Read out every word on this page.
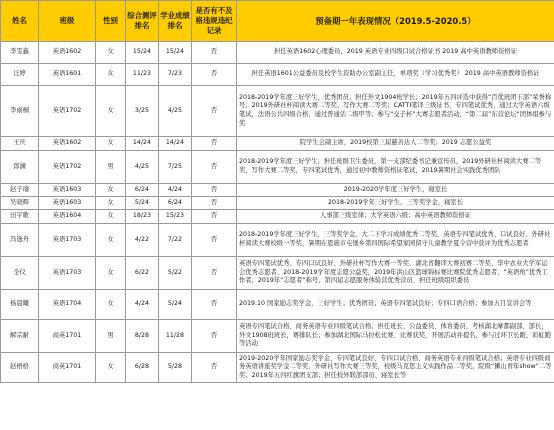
姓名	班级	性别	综合测评排名	学业成绩排名	是否有不及格违规违纪记录	预备期一年表现情况（2019.5-2020.5）
李雯鑫	英语1602	女	15/24	15/24	否	担任英语1602心理委员，2019 英语专业四级口试合格证书 2019 高中英语教师资格证
汪婷	英语1601	女	11/23	7/23	否	担任英语1601公益委员及校学生资助办公室副主任，单项奖（学习优秀奖） 2019 高中英语教师资格证
李雨桐	英语1702	女	3/25	4/25	否	2018-2019学年度三好学生，优秀团员；担任外文1904班学长；2019年五四评选中获得“百优班团干部”荣誉称号；2019外研社杯阅读大赛二等奖、写作大赛二等奖；CATTI笔译三级证书，专四笔试优秀，通过大学英语六级笔试，法语公共四级合格，通过普通话二级甲等；参与“交子杯”大赛志愿者活动，“第二届”东营论坛“团体组参与奖
王庆	英语1602	女	14/24	14/24	否	院学生会副主席，2019校第三届慈善达人二等奖；2019 志愿公益奖
郎澜	英语1702	男	4/25	7/25	否	2018-2019学年度三好学生；担任班级卫生委员，第一支部纪委书记兼宣传员，2019外研社杯阅读大赛二等奖，写作大赛二等奖，专四笔试优秀，通过初中教师资格证笔试，2019暑期社会实践优秀团队
赵子瑜	英语1603	女	6/24	4/24	否	2019-2020学年度三好学生，寝室长
吴晓辉	英语1603	女	5/24	6/24	否	2018-2019学年三好学生，三等奖学金，寝室长
田宇歌	英语1604	女	18/23	15/23	否	人事部三级室律；大学英语六级；高中英语教师资格证
冯逸舟	英语1703	女	4/22	7/22	否	2018-2019学年度三好学生，三等奖学金，大二下学习成绩优秀二等奖，英语专四笔试优秀、口试良好，外研社杯阅读大赛校级一等奖，暑期在恩施市屯堡乡第四国际希望家园留守儿童教学夏令营中获评为优秀志愿者
全仪	英语1703	女	6/22	5/22	否	英语专四笔试优秀、专四口试良好、外研社杯写作大赛一等奖、湖北省翻译大赛初赛二等奖、华中农业大学军运会优秀志愿者、2018-2019学年度志愿公益奖，2019年洪山区篮球锦标赛比赛院优秀志愿者，“英语角”优秀工作者，2019年“志愿者”称号、第四届志愿服务体验营优秀营员、担任班级组织委员
杨晨曦	英语1704	女	4/24	5/24	否	2019.10 国家励志奖学金，三好学生；优秀团员；英语专四笔试良好；专四口语合格；参加五月宣讲会等
解宗耐	商英1701	男	8/28	11/28	否	英语专四笔试合格、商务英语专业四级笔试合格；担任班长、公益委员、体育委员，考核湖北摩都副部、部长，外文1908班班长，赛排队长；参加湖北国际马拉松比赛、比赛获奖，开展活动并提名，参与过环卫长跑、彩虹跑等活动
赵梧格	商英1701	女	6/28	5/28	否	2019-2020学年国家励志奖学金、专四笔试良好、专四口试合格、商务英语专业四级笔试合格；英语专业四级商务英语讲座奖学金二等奖，外研社写作大赛三等奖，校级马克思主义实践作品二等奖，院级“狮山青年show”二等奖；2019年五四红旗团支部；担任校外联部部员、寝室长等
